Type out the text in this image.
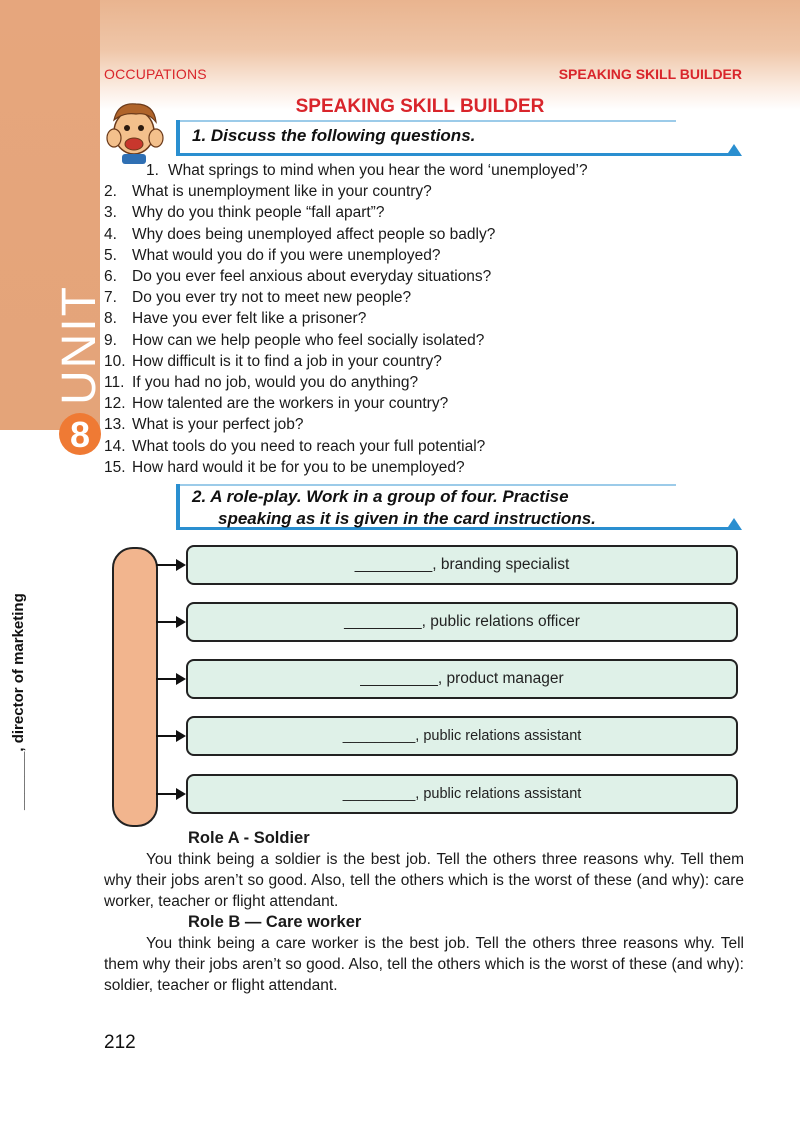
8
UNIT
OCCUPATIONS	SPEAKING SKILL BUILDER
SPEAKING SKILL BUILDER
1. Discuss the following questions.
1. What springs to mind when you hear the word ‘unemployed’?
2. What is unemployment like in your country?
3. Why do you think people “fall apart”?
4. Why does being unemployed affect people so badly?
5. What would you do if you were unemployed?
6. Do you ever feel anxious about everyday situations?
7. Do you ever try not to meet new people?
8. Have you ever felt like a prisoner?
9. How can we help people who feel socially isolated?
10. How difficult is it to find a job in your country?
11. If you had no job, would you do anything?
12. How talented are the workers in your country?
13. What is your perfect job?
14. What tools do you need to reach your full potential?
15. How hard would it be for you to be unemployed?
2. A role-play. Work in a group of four. Practise
speaking as it is given in the card instructions.
_______, director of marketing
_________, branding specialist
_________, public relations officer
_________, product manager
_________, public relations assistant
_________, public relations assistant
Role A - Soldier
You think being a soldier is the best job. Tell the others three reasons why. Tell them why their jobs aren’t so good. Also, tell the others which is the worst of these (and why): care worker, teacher or flight attendant.
Role B — Care worker
You think being a care worker is the best job. Tell the others three reasons why. Tell them why their jobs aren’t so good. Also, tell the others which is the worst of these (and why): soldier, teacher or flight attendant.
212
